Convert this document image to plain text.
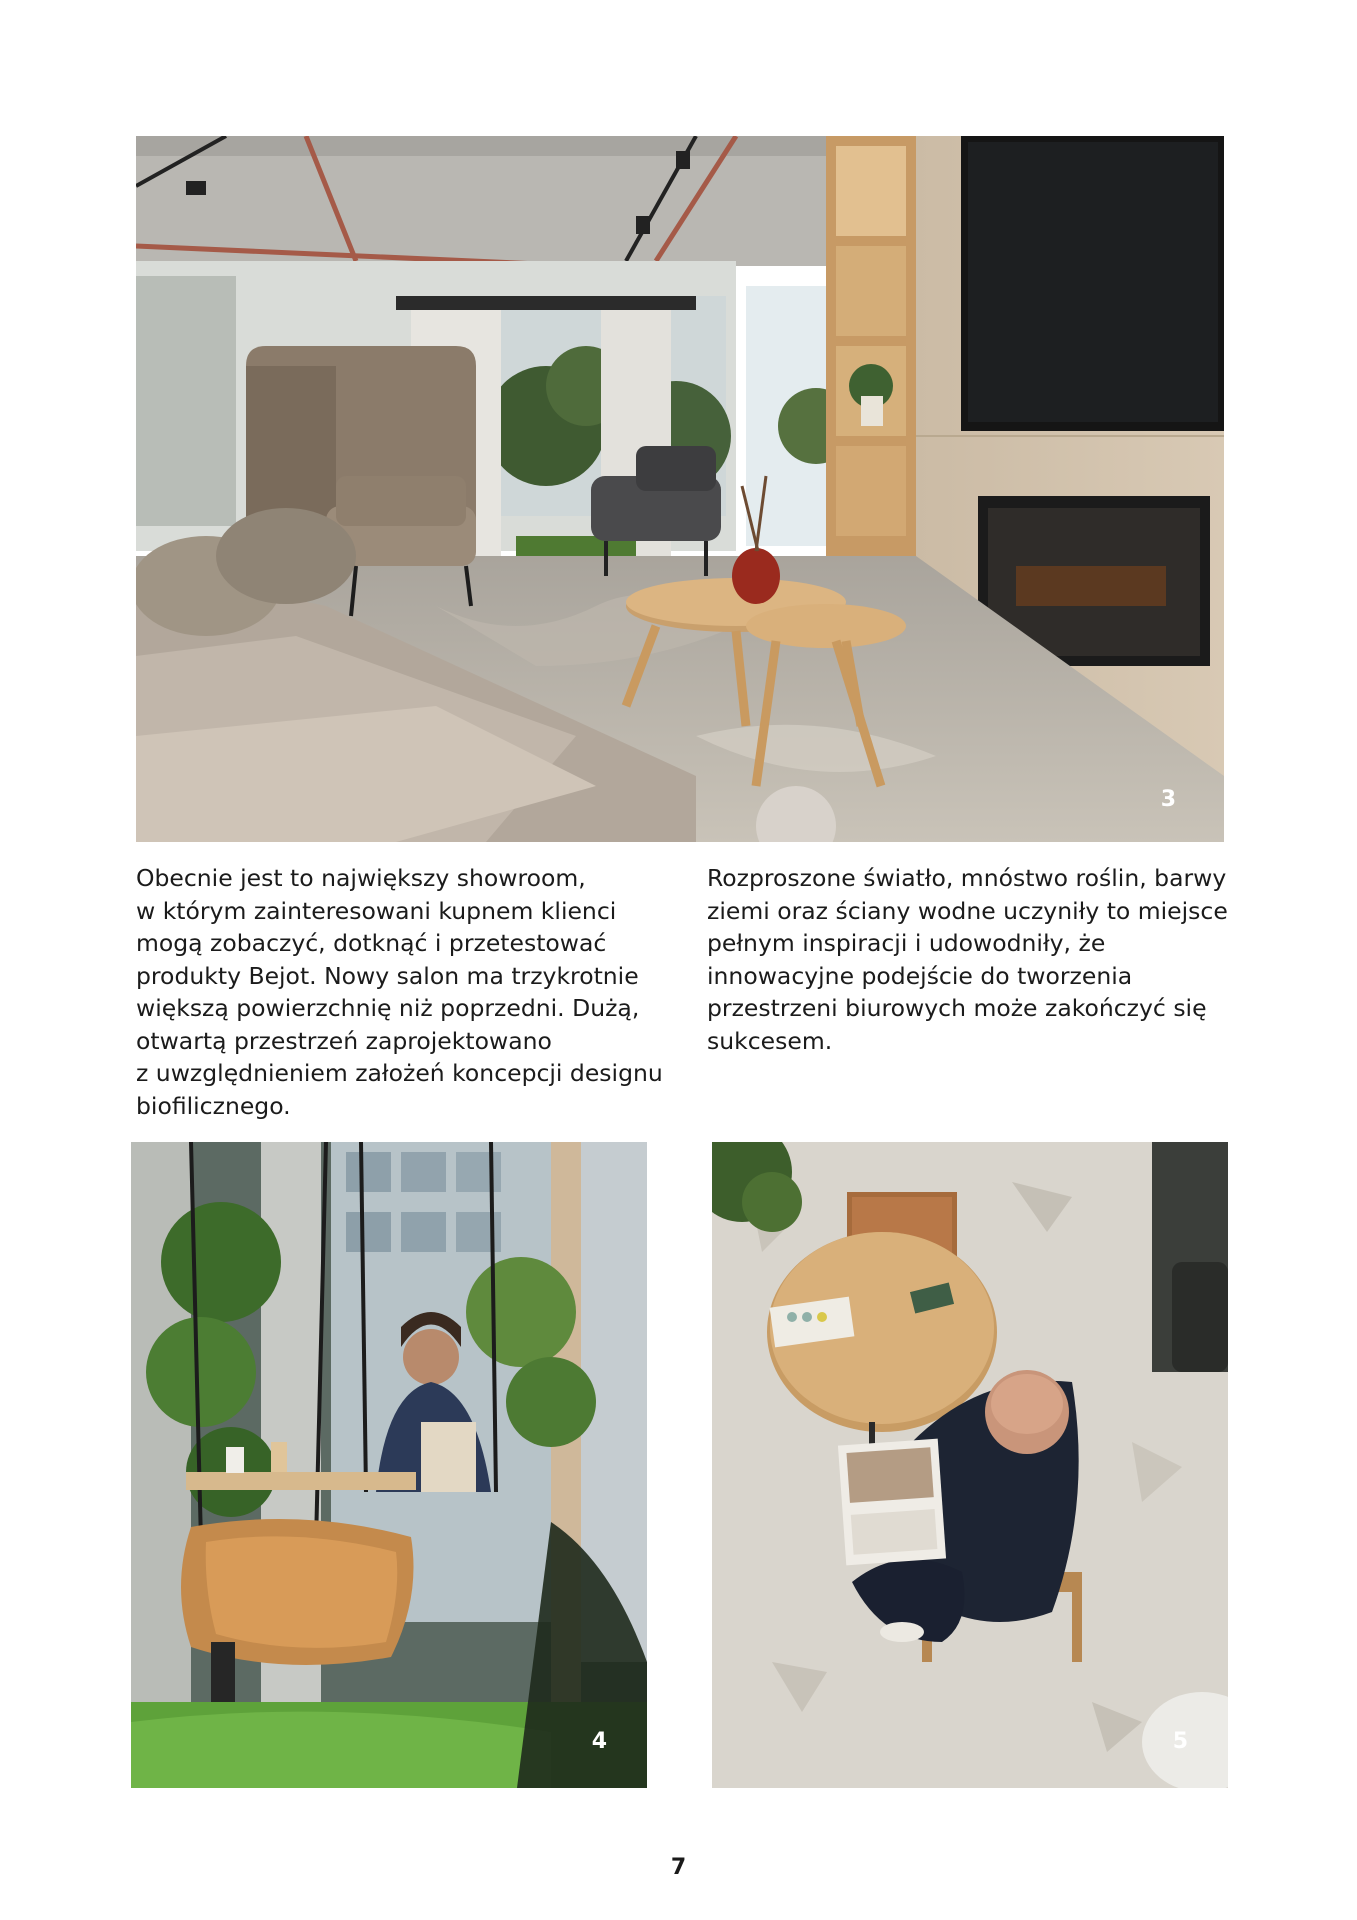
3
Obecnie jest to największy showroom,
w którym zainteresowani kupnem klienci
mogą zobaczyć, dotknąć i przetestować
produkty Bejot. Nowy salon ma trzykrotnie
większą powierzchnię niż poprzedni. Dużą,
otwartą przestrzeń zaprojektowano
z uwzględnieniem założeń koncepcji designu
biofilicznego.
Rozproszone światło, mnóstwo roślin, barwy
ziemi oraz ściany wodne uczyniły to miejsce
pełnym inspiracji i udowodniły, że
innowacyjne podejście do tworzenia
przestrzeni biurowych może zakończyć się
sukcesem.
4	5
7
